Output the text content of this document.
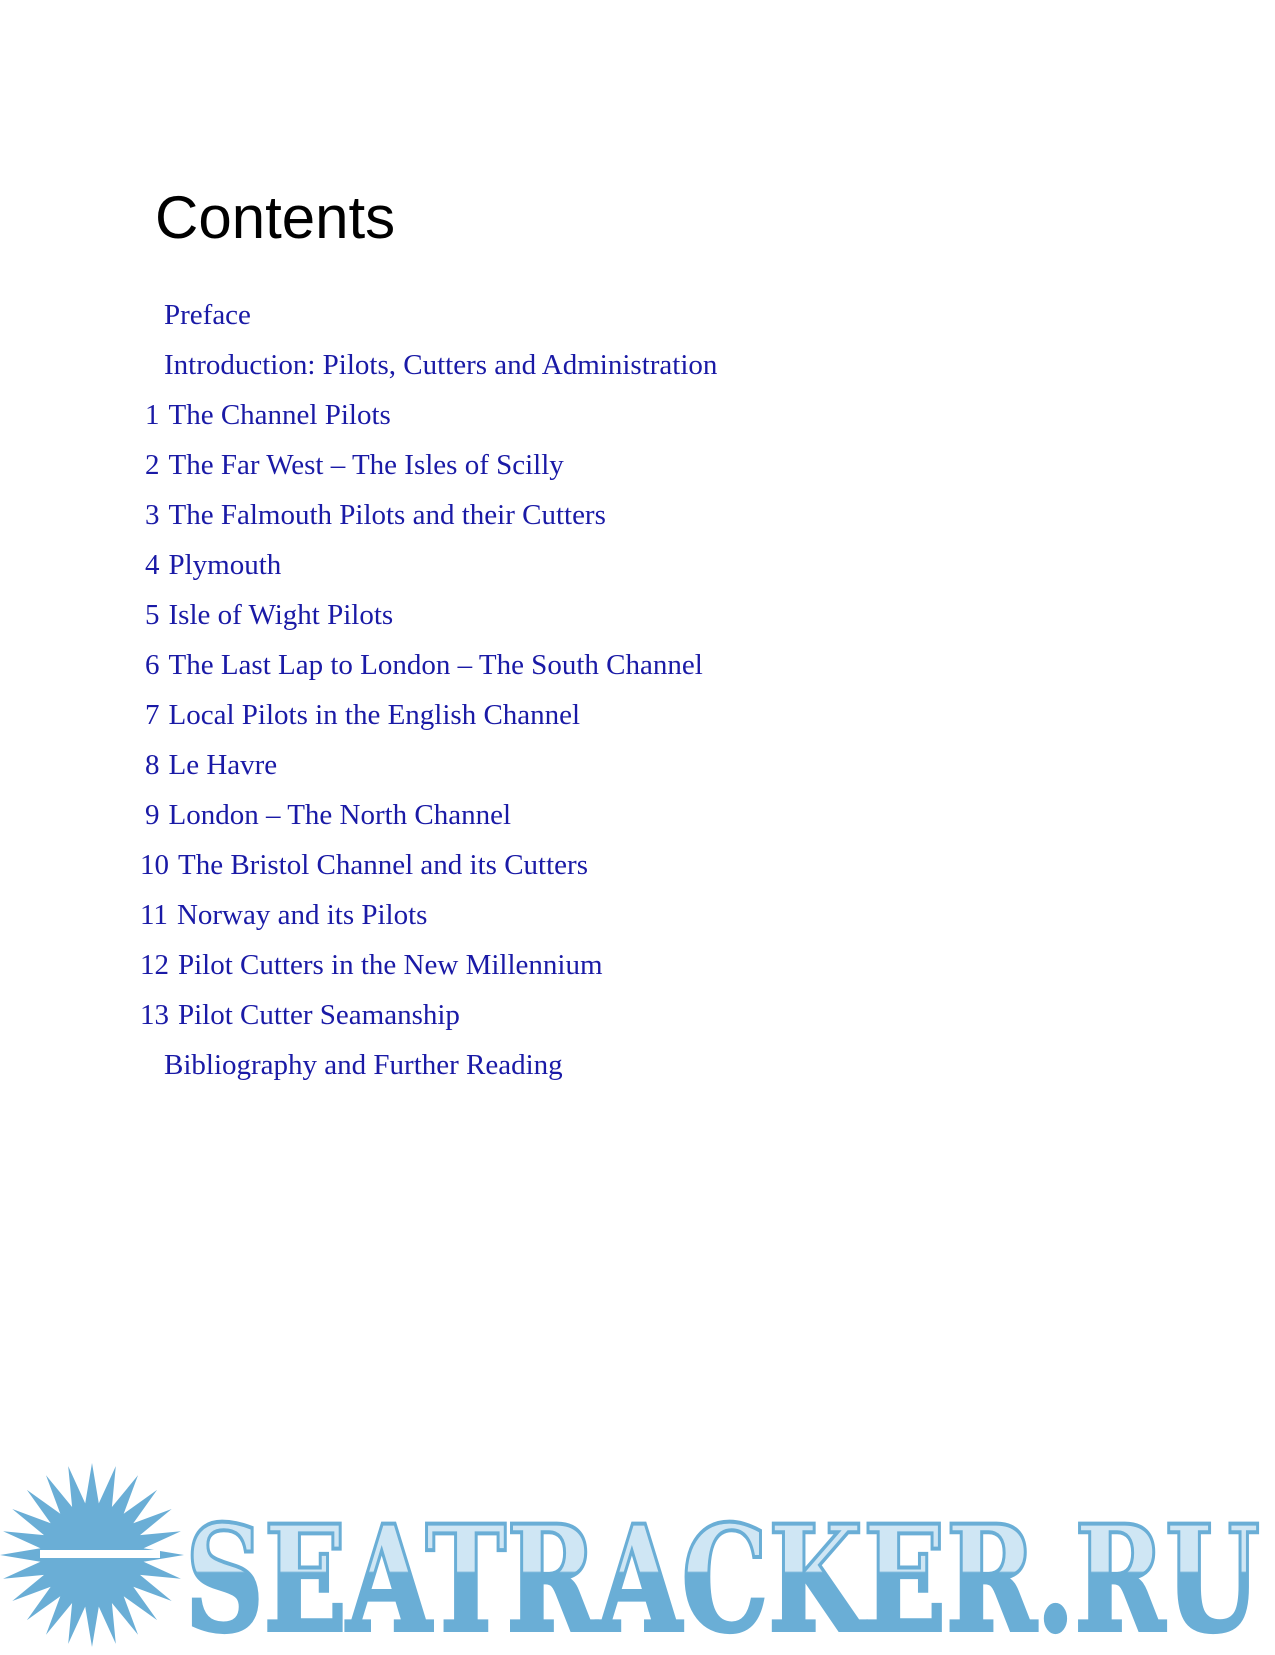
Contents
Preface
Introduction: Pilots, Cutters and Administration
1 The Channel Pilots
2 The Far West – The Isles of Scilly
3 The Falmouth Pilots and their Cutters
4 Plymouth
5 Isle of Wight Pilots
6 The Last Lap to London – The South Channel
7 Local Pilots in the English Channel
8 Le Havre
9 London – The North Channel
10 The Bristol Channel and its Cutters
11 Norway and its Pilots
12 Pilot Cutters in the New Millennium
13 Pilot Cutter Seamanship
Bibliography and Further Reading
SEATRACKER.RU
